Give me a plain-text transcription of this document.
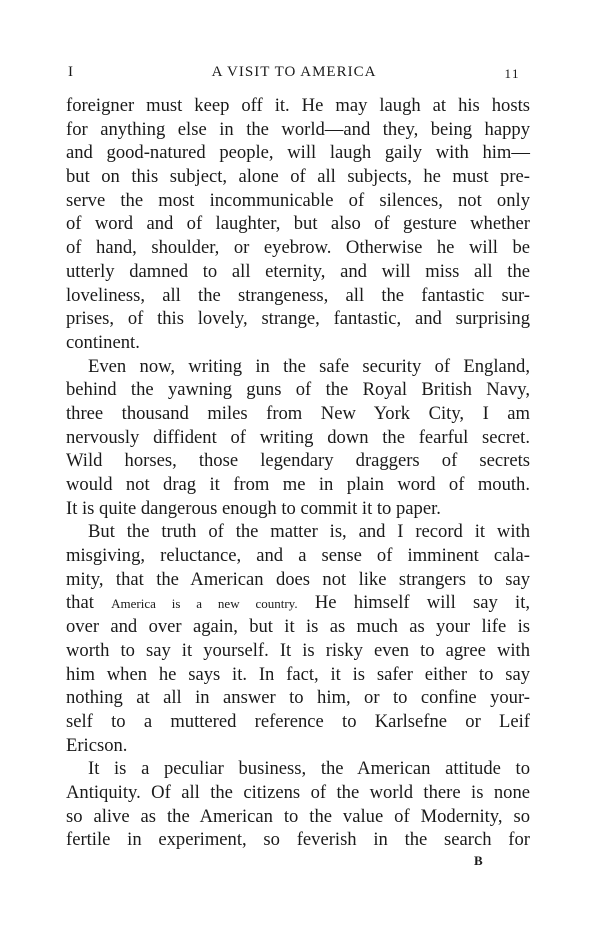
I	A VISIT TO AMERICA	11
foreigner must keep off it. He may laugh at his hosts
for anything else in the world—and they, being happy
and good-natured people, will laugh gaily with him—
but on this subject, alone of all subjects, he must pre-
serve the most incommunicable of silences, not only
of word and of laughter, but also of gesture whether
of hand, shoulder, or eyebrow. Otherwise he will be
utterly damned to all eternity, and will miss all the
loveliness, all the strangeness, all the fantastic sur-
prises, of this lovely, strange, fantastic, and surprising
continent.
Even now, writing in the safe security of England,
behind the yawning guns of the Royal British Navy,
three thousand miles from New York City, I am
nervously diffident of writing down the fearful secret.
Wild horses, those legendary draggers of secrets
would not drag it from me in plain word of mouth.
It is quite dangerous enough to commit it to paper.
But the truth of the matter is, and I record it with
misgiving, reluctance, and a sense of imminent cala-
mity, that the American does not like strangers to say
that America is a new country. He himself will say it,
over and over again, but it is as much as your life is
worth to say it yourself. It is risky even to agree with
him when he says it. In fact, it is safer either to say
nothing at all in answer to him, or to confine your-
self to a muttered reference to Karlsefne or Leif
Ericson.
It is a peculiar business, the American attitude to
Antiquity. Of all the citizens of the world there is none
so alive as the American to the value of Modernity, so
fertile in experiment, so feverish in the search for
B
